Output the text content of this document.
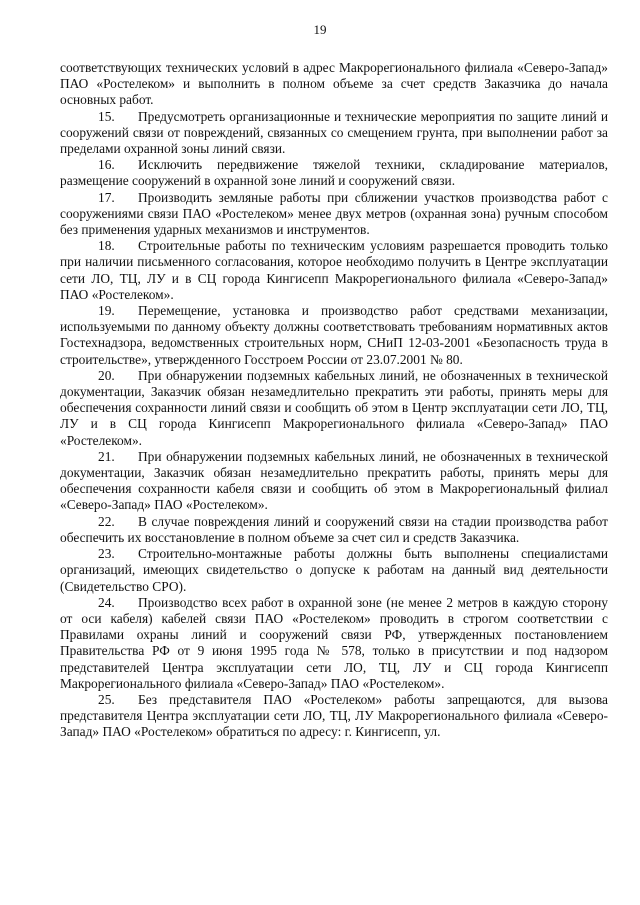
19

соответствующих технических условий в адрес Макрорегионального филиала «Северо-Запад» ПАО «Ростелеком» и выполнить в полном объеме за счет средств Заказчика до начала основных работ.

15. Предусмотреть организационные и технические мероприятия по защите линий и сооружений связи от повреждений, связанных со смещением грунта, при выполнении работ за пределами охранной зоны линий связи.

16. Исключить передвижение тяжелой техники, складирование материалов, размещение сооружений в охранной зоне линий и сооружений связи.

17. Производить земляные работы при сближении участков производства работ с сооружениями связи ПАО «Ростелеком» менее двух метров (охранная зона) ручным способом без применения ударных механизмов и инструментов.

18. Строительные работы по техническим условиям разрешается проводить только при наличии письменного согласования, которое необходимо получить в Центре эксплуатации сети ЛО, ТЦ, ЛУ и в СЦ города Кингисепп Макрорегионального филиала «Северо-Запад» ПАО «Ростелеком».

19. Перемещение, установка и производство работ средствами механизации, используемыми по данному объекту должны соответствовать требованиям нормативных актов Гостехнадзора, ведомственных строительных норм, СНиП 12-03-2001 «Безопасность труда в строительстве», утвержденного Госстроем России от 23.07.2001 № 80.

20. При обнаружении подземных кабельных линий, не обозначенных в технической документации, Заказчик обязан незамедлительно прекратить эти работы, принять меры для обеспечения сохранности линий связи и сообщить об этом в Центр эксплуатации сети ЛО, ТЦ, ЛУ и в СЦ города Кингисепп Макрорегионального филиала «Северо-Запад» ПАО «Ростелеком».

21. При обнаружении подземных кабельных линий, не обозначенных в технической документации, Заказчик обязан незамедлительно прекратить работы, принять меры для обеспечения сохранности кабеля связи и сообщить об этом в Макрорегиональный филиал «Северо-Запад» ПАО «Ростелеком».

22. В случае повреждения линий и сооружений связи на стадии производства работ обеспечить их восстановление в полном объеме за счет сил и средств Заказчика.

23. Строительно-монтажные работы должны быть выполнены специалистами организаций, имеющих свидетельство о допуске к работам на данный вид деятельности (Свидетельство СРО).

24. Производство всех работ в охранной зоне (не менее 2 метров в каждую сторону от оси кабеля) кабелей связи ПАО «Ростелеком» проводить в строгом соответствии с Правилами охраны линий и сооружений связи РФ, утвержденных постановлением Правительства РФ от 9 июня 1995 года № 578, только в присутствии и под надзором представителей Центра эксплуатации сети ЛО, ТЦ, ЛУ и СЦ города Кингисепп Макрорегионального филиала «Северо-Запад» ПАО «Ростелеком».

25. Без представителя ПАО «Ростелеком» работы запрещаются, для вызова представителя Центра эксплуатации сети ЛО, ТЦ, ЛУ Макрорегионального филиала «Северо-Запад» ПАО «Ростелеком» обратиться по адресу: г. Кингисепп, ул.
